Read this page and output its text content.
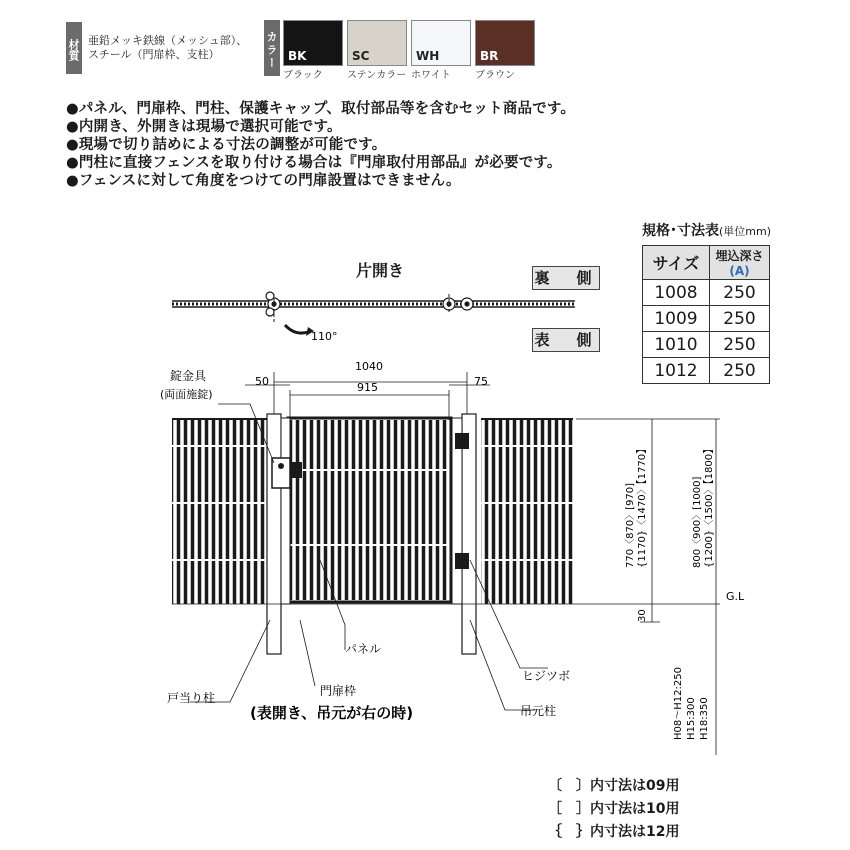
材質 亜鉛メッキ鉄線（メッシュ部）、
スチール（門扉枠、支柱）	カラー BK
ブラック
SC
ステンカラー
WH
ホワイト
BR
ブラウン
●パネル、門扉枠、門柱、保護キャップ、取付部品等を含むセット商品です。
●内開き、外開きは現場で選択可能です。
●現場で切り詰めによる寸法の調整が可能です。
●門柱に直接フェンスを取り付ける場合は『門扉取付用部品』が必要です。
●フェンスに対して角度をつけての門扉設置はできません。
規格･寸法表(単位mm)
サイズ	埋込深さ(A)
1008	250
1009	250
1010	250
1012	250
片開き	裏　側
表　側
110°
1040
915
50	75
G.L
770〈870〉[970] {1170}〈1470〉【1770】	800〈900〉[1000] {1200}〈1500〉【1800】
30
H08～H12:250 H15:300 H18:350
錠金具
(両面施錠)
パネル
ヒジツボ
戸当り柱	門扉枠
吊元柱
(表開き、吊元が右の時)
〔　〕内寸法は09用
［　］内寸法は10用
｛　｝内寸法は12用
